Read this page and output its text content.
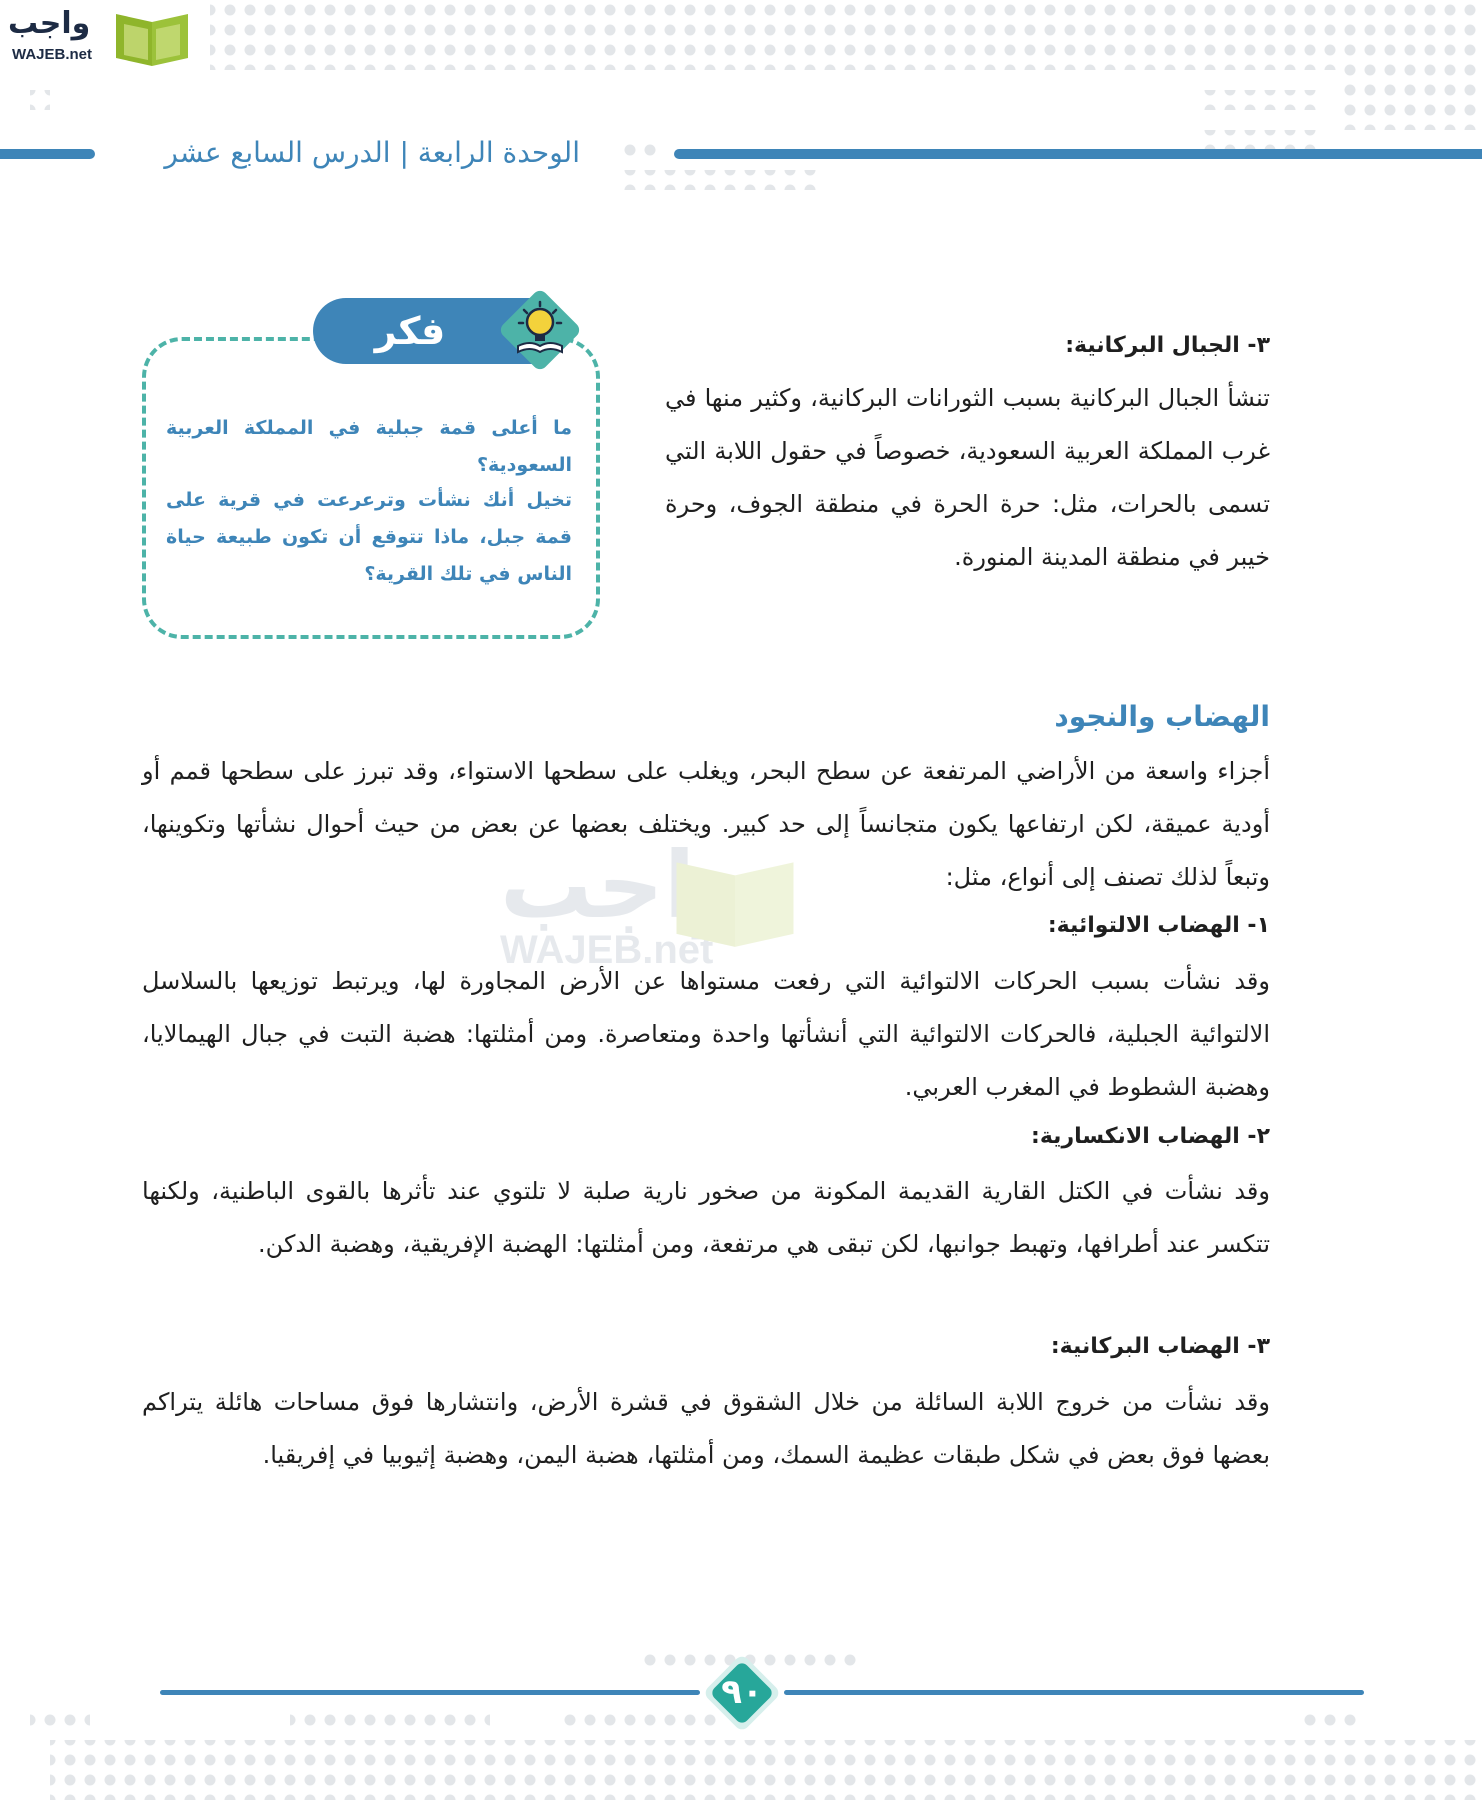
واجب
WAJEB.net
الوحدة الرابعة | الدرس السابع عشر
فكر
ما أعلى قمة جبلية في المملكة العربية السعودية؟
تخيل أنك نشأت وترعرعت في قرية على قمة جبل، ماذا تتوقع أن تكون طبيعة حياة الناس في تلك القرية؟
٣- الجبال البركانية:
تنشأ الجبال البركانية بسبب الثورانات البركانية، وكثير منها في غرب المملكة العربية السعودية، خصوصاً في حقول اللابة التي تسمى بالحرات، مثل: حرة الحرة في منطقة الجوف، وحرة خيبر في منطقة المدينة المنورة.
واجب
WAJEB.net
الهضاب والنجود
أجزاء واسعة من الأراضي المرتفعة عن سطح البحر، ويغلب على سطحها الاستواء، وقد تبرز على سطحها قمم أو أودية عميقة، لكن ارتفاعها يكون متجانساً إلى حد كبير. ويختلف بعضها عن بعض من حيث أحوال نشأتها وتكوينها، وتبعاً لذلك تصنف إلى أنواع، مثل:
١- الهضاب الالتوائية:
وقد نشأت بسبب الحركات الالتوائية التي رفعت مستواها عن الأرض المجاورة لها، ويرتبط توزيعها بالسلاسل الالتوائية الجبلية، فالحركات الالتوائية التي أنشأتها واحدة ومتعاصرة. ومن أمثلتها: هضبة التبت في جبال الهيمالايا، وهضبة الشطوط في المغرب العربي.
٢- الهضاب الانكسارية:
وقد نشأت في الكتل القارية القديمة المكونة من صخور نارية صلبة لا تلتوي عند تأثرها بالقوى الباطنية، ولكنها تتكسر عند أطرافها، وتهبط جوانبها، لكن تبقى هي مرتفعة، ومن أمثلتها: الهضبة الإفريقية، وهضبة الدكن.
٣- الهضاب البركانية:
وقد نشأت من خروج اللابة السائلة من خلال الشقوق في قشرة الأرض، وانتشارها فوق مساحات هائلة يتراكم بعضها فوق بعض في شكل طبقات عظيمة السمك، ومن أمثلتها، هضبة اليمن، وهضبة إثيوبيا في إفريقيا.
٩٠
